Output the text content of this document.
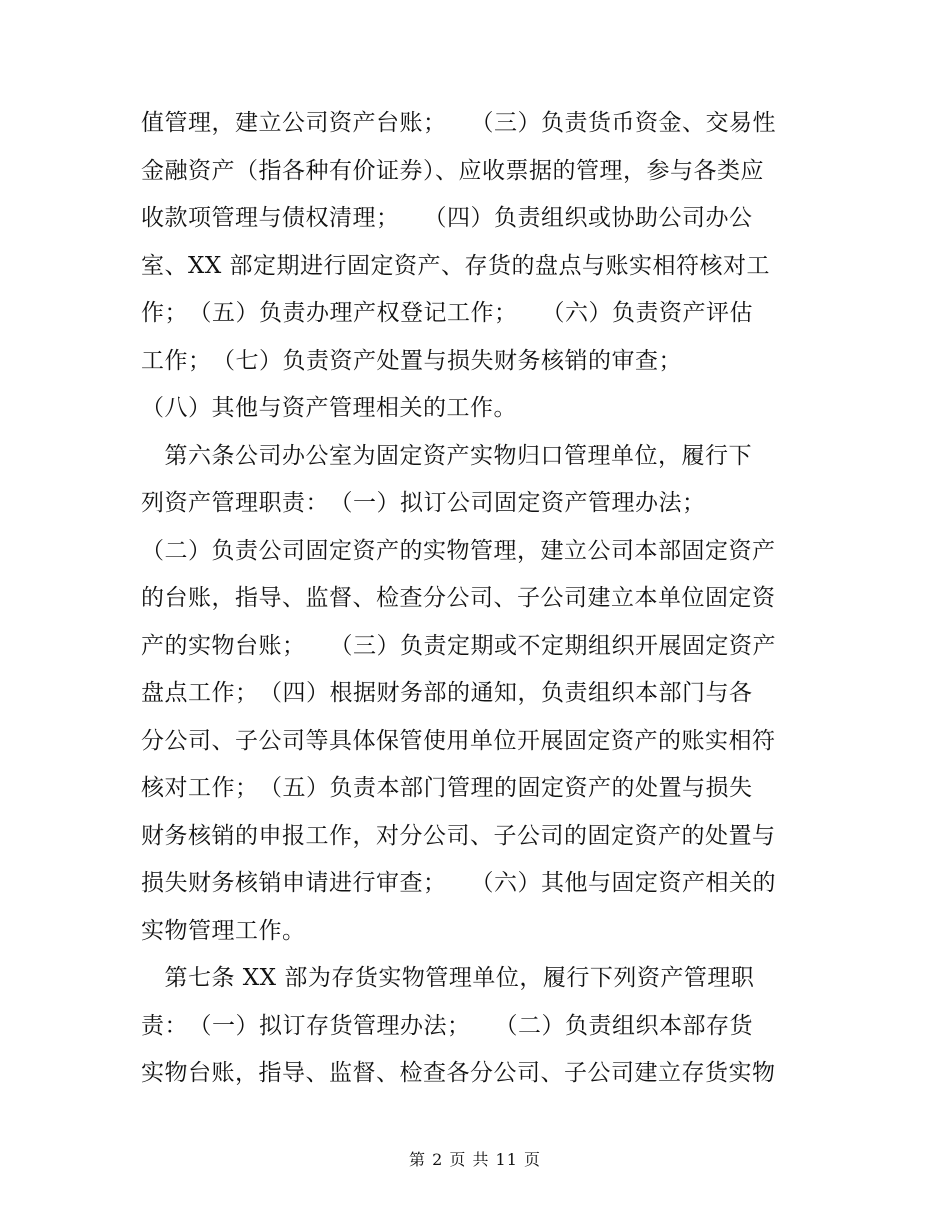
值管理，建立公司资产台账；　　（三）负责货币资金、交易性
金融资产（指各种有价证券）、应收票据的管理，参与各类应
收款项管理与债权清理；　　（四）负责组织或协助公司办公
室、XX 部定期进行固定资产、存货的盘点与账实相符核对工
作；　（五）负责办理产权登记工作；　　（六）负责资产评估
工作；　（七）负责资产处置与损失财务核销的审查；
（八）其他与资产管理相关的工作。
　第六条公司办公室为固定资产实物归口管理单位，履行下
列资产管理职责：　（一）拟订公司固定资产管理办法；
（二）负责公司固定资产的实物管理，建立公司本部固定资产
的台账，指导、监督、检查分公司、子公司建立本单位固定资
产的实物台账；　　（三）负责定期或不定期组织开展固定资产
盘点工作；　（四）根据财务部的通知，负责组织本部门与各
分公司、子公司等具体保管使用单位开展固定资产的账实相符
核对工作；　（五）负责本部门管理的固定资产的处置与损失
财务核销的申报工作，对分公司、子公司的固定资产的处置与
损失财务核销申请进行审查；　　（六）其他与固定资产相关的
实物管理工作。
　第七条 XX 部为存货实物管理单位，履行下列资产管理职
责：　（一）拟订存货管理办法；　　（二）负责组织本部存货
实物台账，指导、监督、检查各分公司、子公司建立存货实物
第 2 页 共 11 页
